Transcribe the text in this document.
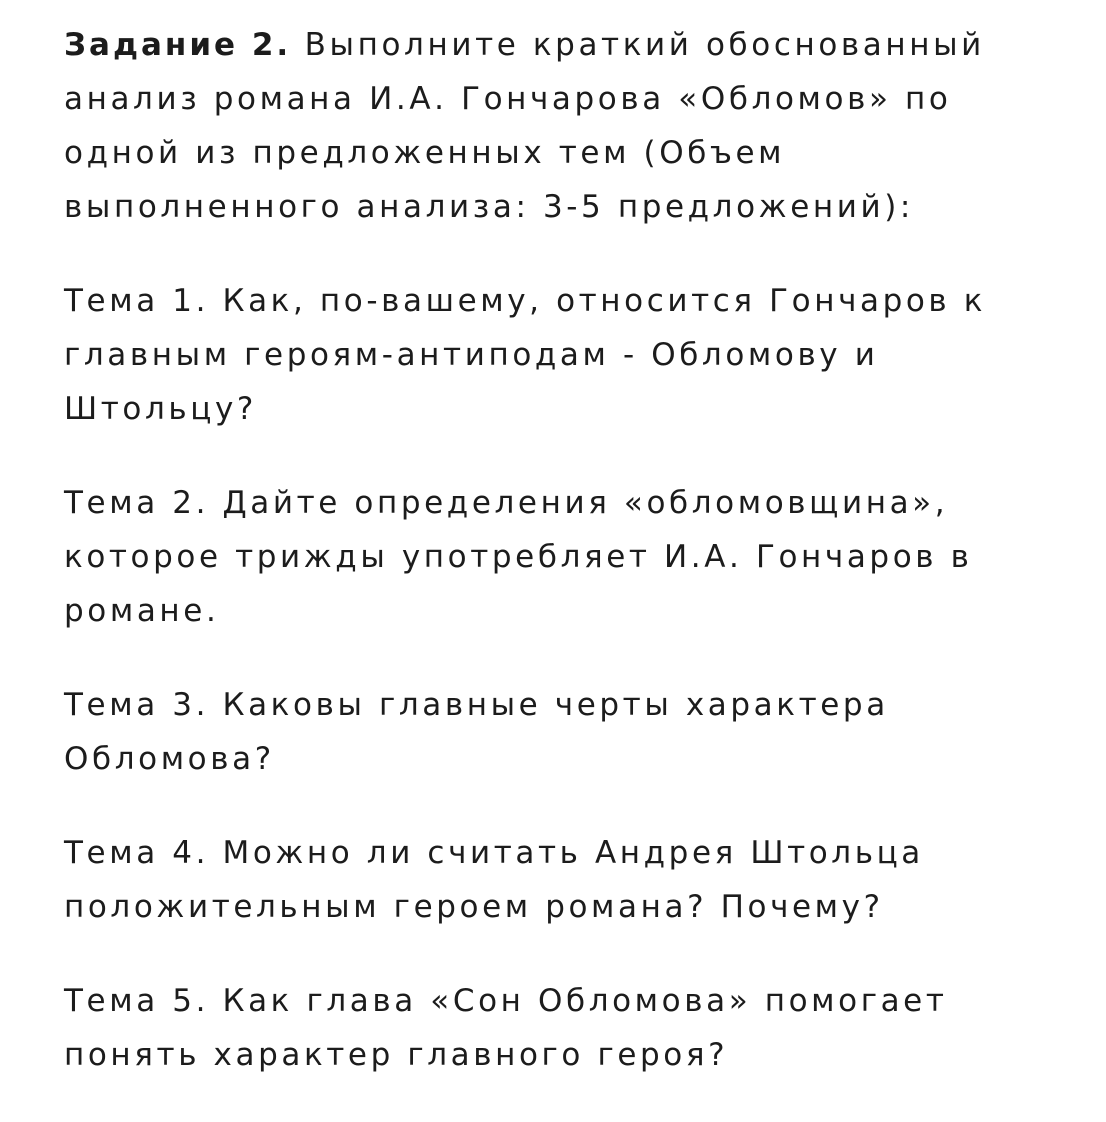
Задание 2. Выполните краткий обоснованный
анализ романа И.А. Гончарова «Обломов» по
одной из предложенных тем (Объем
выполненного анализа: 3-5 предложений):

Тема 1. Как, по-вашему, относится Гончаров к
главным героям-антиподам - Обломову и
Штольцу?

Тема 2. Дайте определения «обломовщина»,
которое трижды употребляет И.А. Гончаров в
романе.

Тема 3. Каковы главные черты характера
Обломова?

Тема 4. Можно ли считать Андрея Штольца
положительным героем романа? Почему?

Тема 5. Как глава «Сон Обломова» помогает
понять характер главного героя?
